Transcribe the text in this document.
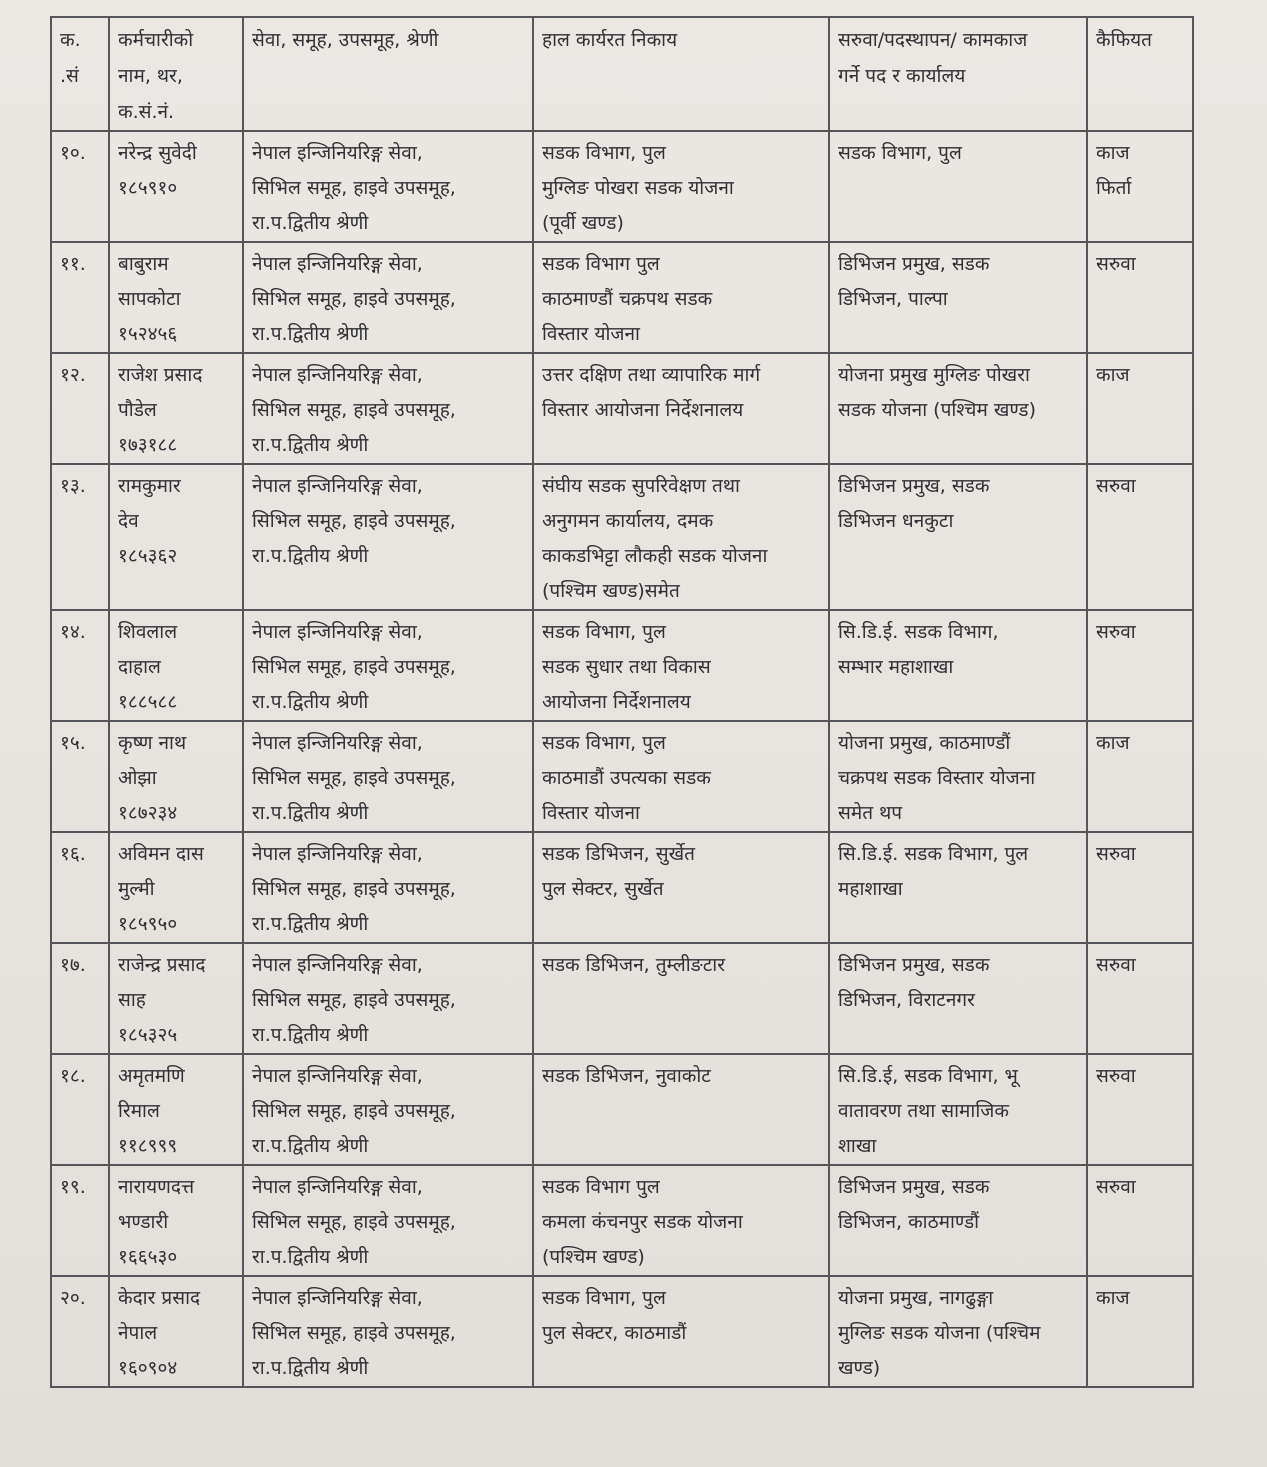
क.
.सं	कर्मचारीको
नाम, थर,
क.सं.नं.	सेवा, समूह, उपसमूह, श्रेणी	हाल कार्यरत निकाय	सरुवा/पदस्थापन/ कामकाज
गर्ने पद र कार्यालय	कैफियत

१०.	नरेन्द्र सुवेदी
१८५९१०	नेपाल इन्जिनियरिङ्ग सेवा,
सिभिल समूह, हाइवे उपसमूह,
रा.प.द्वितीय श्रेणी	सडक विभाग, पुल
मुग्लिङ पोखरा सडक योजना
(पूर्वी खण्ड)	सडक विभाग, पुल	काज
फिर्ता

११.	बाबुराम
सापकोटा
१५२४५६	नेपाल इन्जिनियरिङ्ग सेवा,
सिभिल समूह, हाइवे उपसमूह,
रा.प.द्वितीय श्रेणी	सडक विभाग पुल
काठमाण्डौं चक्रपथ सडक
विस्तार योजना	डिभिजन प्रमुख, सडक
डिभिजन, पाल्पा	सरुवा

१२.	राजेश प्रसाद
पौडेल
१७३१८८	नेपाल इन्जिनियरिङ्ग सेवा,
सिभिल समूह, हाइवे उपसमूह,
रा.प.द्वितीय श्रेणी	उत्तर दक्षिण तथा व्यापारिक मार्ग
विस्तार आयोजना निर्देशनालय	योजना प्रमुख मुग्लिङ पोखरा
सडक योजना (पश्चिम खण्ड)	काज

१३.	रामकुमार
देव
१८५३६२	नेपाल इन्जिनियरिङ्ग सेवा,
सिभिल समूह, हाइवे उपसमूह,
रा.प.द्वितीय श्रेणी	संघीय सडक सुपरिवेक्षण तथा
अनुगमन कार्यालय, दमक
काकडभिट्टा लौकही सडक योजना
(पश्चिम खण्ड)समेत	डिभिजन प्रमुख, सडक
डिभिजन धनकुटा	सरुवा

१४.	शिवलाल
दाहाल
१८८५८८	नेपाल इन्जिनियरिङ्ग सेवा,
सिभिल समूह, हाइवे उपसमूह,
रा.प.द्वितीय श्रेणी	सडक विभाग, पुल
सडक सुधार तथा विकास
आयोजना निर्देशनालय	सि.डि.ई. सडक विभाग,
सम्भार महाशाखा	सरुवा

१५.	कृष्ण नाथ
ओझा
१८७२३४	नेपाल इन्जिनियरिङ्ग सेवा,
सिभिल समूह, हाइवे उपसमूह,
रा.प.द्वितीय श्रेणी	सडक विभाग, पुल
काठमाडौं उपत्यका सडक
विस्तार योजना	योजना प्रमुख, काठमाण्डौं
चक्रपथ सडक विस्तार योजना
समेत थप	काज

१६.	अविमन दास
मुल्मी
१८५९५०	नेपाल इन्जिनियरिङ्ग सेवा,
सिभिल समूह, हाइवे उपसमूह,
रा.प.द्वितीय श्रेणी	सडक डिभिजन, सुर्खेत
पुल सेक्टर, सुर्खेत	सि.डि.ई. सडक विभाग, पुल
महाशाखा	सरुवा

१७.	राजेन्द्र प्रसाद
साह
१८५३२५	नेपाल इन्जिनियरिङ्ग सेवा,
सिभिल समूह, हाइवे उपसमूह,
रा.प.द्वितीय श्रेणी	सडक डिभिजन, तुम्लीङटार	डिभिजन प्रमुख, सडक
डिभिजन, विराटनगर	सरुवा

१८.	अमृतमणि
रिमाल
११८९९९	नेपाल इन्जिनियरिङ्ग सेवा,
सिभिल समूह, हाइवे उपसमूह,
रा.प.द्वितीय श्रेणी	सडक डिभिजन, नुवाकोट	सि.डि.ई, सडक विभाग, भू
वातावरण तथा सामाजिक
शाखा	सरुवा

१९.	नारायणदत्त
भण्डारी
१६६५३०	नेपाल इन्जिनियरिङ्ग सेवा,
सिभिल समूह, हाइवे उपसमूह,
रा.प.द्वितीय श्रेणी	सडक विभाग पुल
कमला कंचनपुर सडक योजना
(पश्चिम खण्ड)	डिभिजन प्रमुख, सडक
डिभिजन, काठमाण्डौं	सरुवा

२०.	केदार प्रसाद
नेपाल
१६०९०४	नेपाल इन्जिनियरिङ्ग सेवा,
सिभिल समूह, हाइवे उपसमूह,
रा.प.द्वितीय श्रेणी	सडक विभाग, पुल
पुल सेक्टर, काठमाडौं	योजना प्रमुख, नागढुङ्गा
मुग्लिङ सडक योजना (पश्चिम
खण्ड)	काज
